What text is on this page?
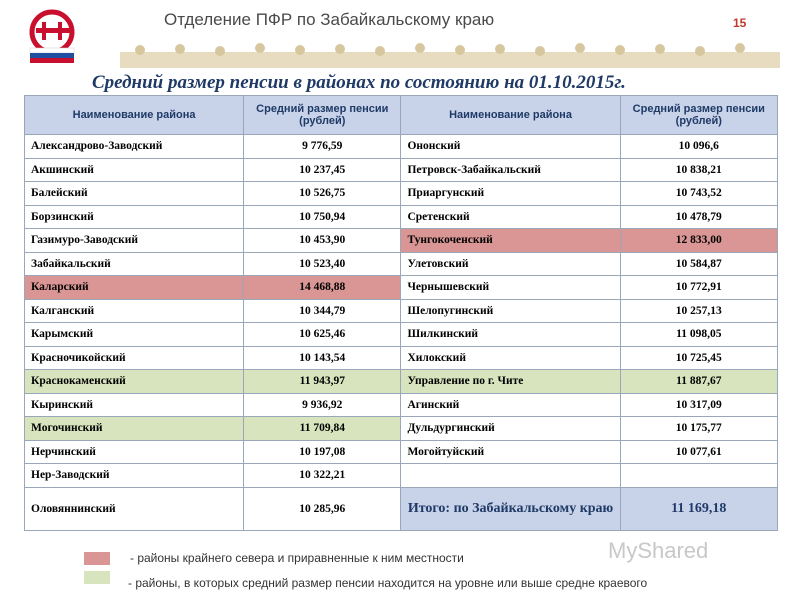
Отделение ПФР по Забайкальскому краю	15
Средний размер пенсии в районах по состоянию на 01.10.2015г.
Наименование района	Средний размер пенсии (рублей)	Наименование района	Средний размер пенсии (рублей)
Александрово-Заводский	9 776,59	Ононский	10 096,6
Акшинский	10 237,45	Петровск-Забайкальский	10 838,21
Балейский	10 526,75	Приаргунский	10 743,52
Борзинский	10 750,94	Сретенский	10 478,79
Газимуро-Заводский	10 453,90	Тунгокоченский	12 833,00
Забайкальский	10 523,40	Улетовский	10 584,87
Каларский	14 468,88	Чернышевский	10 772,91
Калганский	10 344,79	Шелопугинский	10 257,13
Карымский	10 625,46	Шилкинский	11 098,05
Красночикойский	10 143,54	Хилокский	10 725,45
Краснокаменский	11 943,97	Управление по г. Чите	11 887,67
Кыринский	9 936,92	Агинский	10 317,09
Могочинский	11 709,84	Дульдургинский	10 175,77
Нерчинский	10 197,08	Могойтуйский	10 077,61
Нер-Заводский	10 322,21		
Оловяннинский	10 285,96	Итого: по Забайкальскому краю	11 169,18
- районы крайнего севера и приравненные к ним местности
- районы, в которых средний размер пенсии находится на уровне или выше средне краевого
MyShared
